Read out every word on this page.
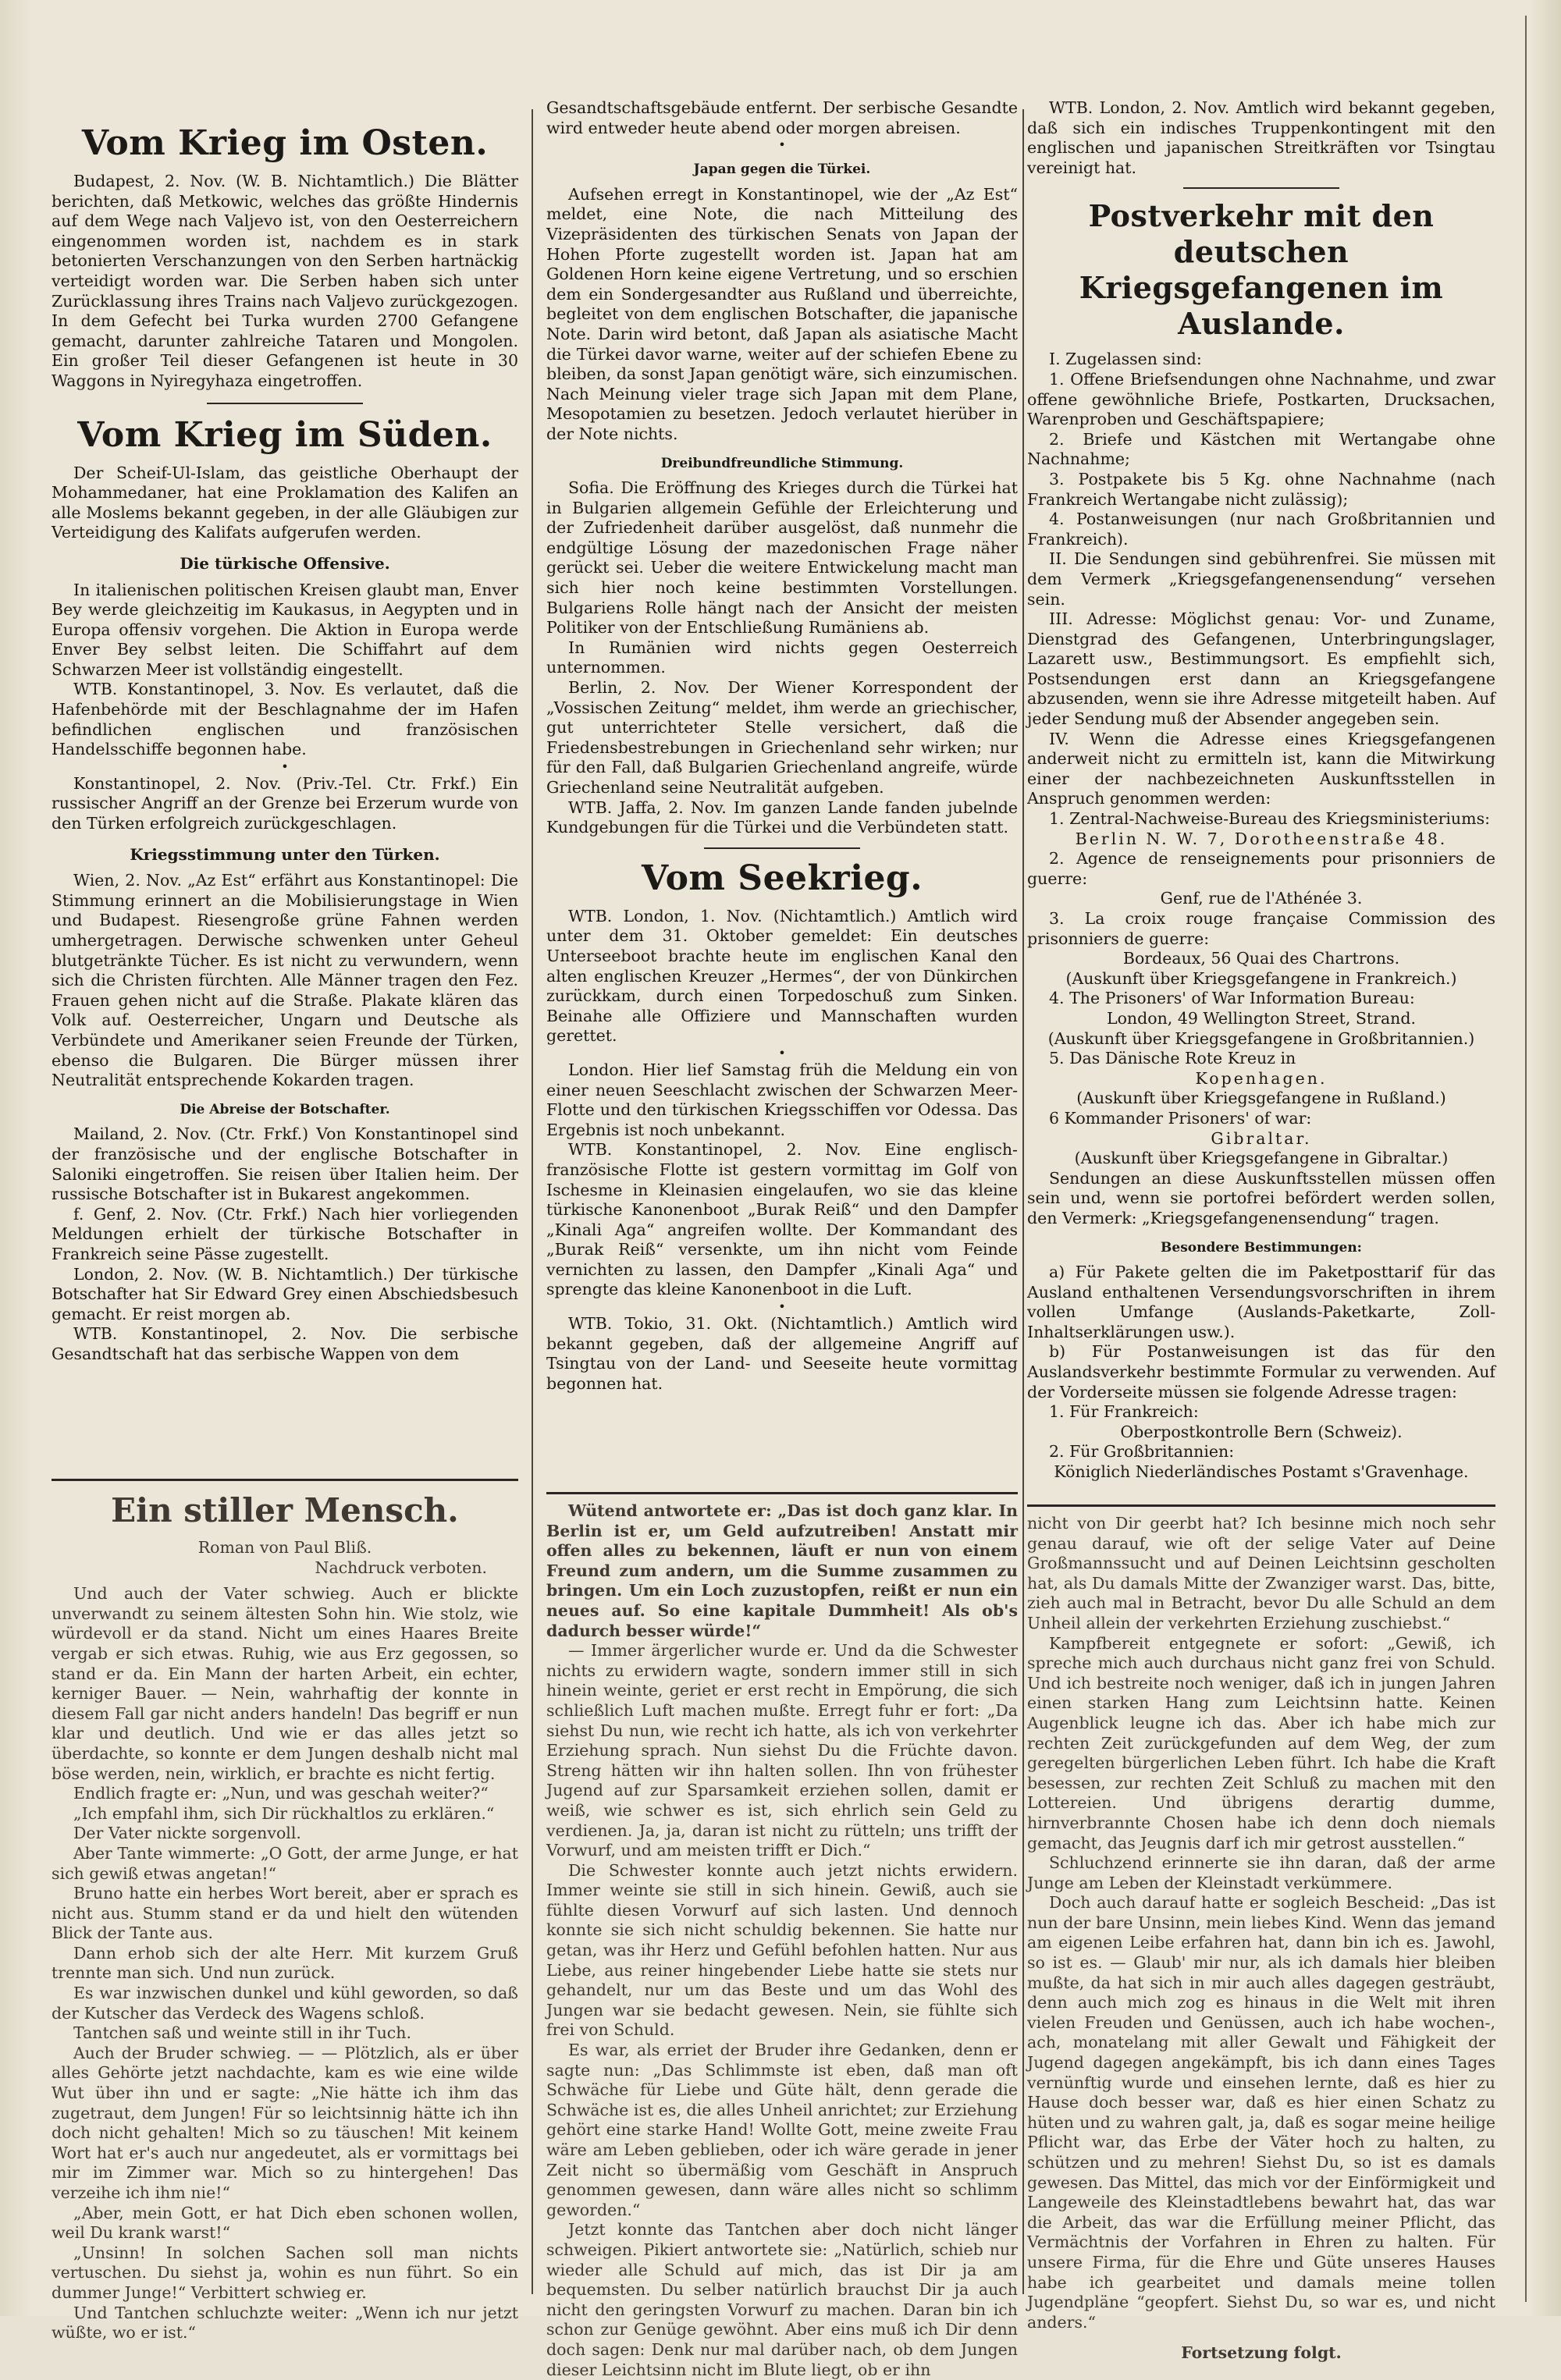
Vom Krieg im Osten.

Budapest, 2. Nov. (W. B. Nichtamtlich.) Die Blätter berichten, daß Metkowic, welches das größte Hindernis auf dem Wege nach Valjevo ist, von den Oesterreichern eingenommen worden ist, nachdem es in stark betonierten Verschanzungen von den Serben hartnäckig verteidigt worden war. Die Serben haben sich unter Zurücklassung ihres Trains nach Valjevo zurückgezogen. In dem Gefecht bei Turka wurden 2700 Gefangene gemacht, darunter zahlreiche Tataren und Mongolen. Ein großer Teil dieser Gefangenen ist heute in 30 Waggons in Nyiregyhaza eingetroffen.

Vom Krieg im Süden.

Der Scheif-Ul-Islam, das geistliche Oberhaupt der Mohammedaner, hat eine Proklamation des Kalifen an alle Moslems bekannt gegeben, in der alle Gläubigen zur Verteidigung des Kalifats aufgerufen werden.

Die türkische Offensive.

In italienischen politischen Kreisen glaubt man, Enver Bey werde gleichzeitig im Kaukasus, in Aegypten und in Europa offensiv vorgehen. Die Aktion in Europa werde Enver Bey selbst leiten. Die Schiffahrt auf dem Schwarzen Meer ist vollständig eingestellt.

WTB. Konstantinopel, 3. Nov. Es verlautet, daß die Hafenbehörde mit der Beschlagnahme der im Hafen befindlichen englischen und französischen Handelsschiffe begonnen habe.

•

Konstantinopel, 2. Nov. (Priv.-Tel. Ctr. Frkf.) Ein russischer Angriff an der Grenze bei Erzerum wurde von den Türken erfolgreich zurückgeschlagen.

Kriegsstimmung unter den Türken.

Wien, 2. Nov. „Az Est“ erfährt aus Konstantinopel: Die Stimmung erinnert an die Mobilisierungstage in Wien und Budapest. Riesengroße grüne Fahnen werden umhergetragen. Derwische schwenken unter Geheul blutgetränkte Tücher. Es ist nicht zu verwundern, wenn sich die Christen fürchten. Alle Männer tragen den Fez. Frauen gehen nicht auf die Straße. Plakate klären das Volk auf. Oesterreicher, Ungarn und Deutsche als Verbündete und Amerikaner seien Freunde der Türken, ebenso die Bulgaren. Die Bürger müssen ihrer Neutralität entsprechende Kokarden tragen.

Die Abreise der Botschafter.

Mailand, 2. Nov. (Ctr. Frkf.) Von Konstantinopel sind der französische und der englische Botschafter in Saloniki eingetroffen. Sie reisen über Italien heim. Der russische Botschafter ist in Bukarest angekommen.

f. Genf, 2. Nov. (Ctr. Frkf.) Nach hier vorliegenden Meldungen erhielt der türkische Botschafter in Frankreich seine Pässe zugestellt.

London, 2. Nov. (W. B. Nichtamtlich.) Der türkische Botschafter hat Sir Edward Grey einen Abschiedsbesuch gemacht. Er reist morgen ab.

WTB. Konstantinopel, 2. Nov. Die serbische Gesandtschaft hat das serbische Wappen von dem

Gesandtschaftsgebäude entfernt. Der serbische Gesandte wird entweder heute abend oder morgen abreisen.

•
Japan gegen die Türkei.

Aufsehen erregt in Konstantinopel, wie der „Az Est“ meldet, eine Note, die nach Mitteilung des Vizepräsidenten des türkischen Senats von Japan der Hohen Pforte zugestellt worden ist. Japan hat am Goldenen Horn keine eigene Vertretung, und so erschien dem ein Sondergesandter aus Rußland und überreichte, begleitet von dem englischen Botschafter, die japanische Note. Darin wird betont, daß Japan als asiatische Macht die Türkei davor warne, weiter auf der schiefen Ebene zu bleiben, da sonst Japan genötigt wäre, sich einzumischen. Nach Meinung vieler trage sich Japan mit dem Plane, Mesopotamien zu besetzen. Jedoch verlautet hierüber in der Note nichts.

Dreibundfreundliche Stimmung.

Sofia. Die Eröffnung des Krieges durch die Türkei hat in Bulgarien allgemein Gefühle der Erleichterung und der Zufriedenheit darüber ausgelöst, daß nunmehr die endgültige Lösung der mazedonischen Frage näher gerückt sei. Ueber die weitere Entwickelung macht man sich hier noch keine bestimmten Vorstellungen. Bulgariens Rolle hängt nach der Ansicht der meisten Politiker von der Entschließung Rumäniens ab.

In Rumänien wird nichts gegen Oesterreich unternommen.

Berlin, 2. Nov. Der Wiener Korrespondent der „Vossischen Zeitung“ meldet, ihm werde an griechischer, gut unterrichteter Stelle versichert, daß die Friedensbestrebungen in Griechenland sehr wirken; nur für den Fall, daß Bulgarien Griechenland angreife, würde Griechenland seine Neutralität aufgeben.

WTB. Jaffa, 2. Nov. Im ganzen Lande fanden jubelnde Kundgebungen für die Türkei und die Verbündeten statt.

Vom Seekrieg.

WTB. London, 1. Nov. (Nichtamtlich.) Amtlich wird unter dem 31. Oktober gemeldet: Ein deutsches Unterseeboot brachte heute im englischen Kanal den alten englischen Kreuzer „Hermes“, der von Dünkirchen zurückkam, durch einen Torpedoschuß zum Sinken. Beinahe alle Offiziere und Mannschaften wurden gerettet.

•

London. Hier lief Samstag früh die Meldung ein von einer neuen Seeschlacht zwischen der Schwarzen Meer-Flotte und den türkischen Kriegsschiffen vor Odessa. Das Ergebnis ist noch unbekannt.

WTB. Konstantinopel, 2. Nov. Eine englisch-französische Flotte ist gestern vormittag im Golf von Ischesme in Kleinasien eingelaufen, wo sie das kleine türkische Kanonenboot „Burak Reiß“ und den Dampfer „Kinali Aga“ angreifen wollte. Der Kommandant des „Burak Reiß“ versenkte, um ihn nicht vom Feinde vernichten zu lassen, den Dampfer „Kinali Aga“ und sprengte das kleine Kanonenboot in die Luft.

•

WTB. Tokio, 31. Okt. (Nichtamtlich.) Amtlich wird bekannt gegeben, daß der allgemeine Angriff auf Tsingtau von der Land- und Seeseite heute vormittag begonnen hat.

WTB. London, 2. Nov. Amtlich wird bekannt gegeben, daß sich ein indisches Truppenkontingent mit den englischen und japanischen Streitkräften vor Tsingtau vereinigt hat.

Postverkehr mit den deutschen Kriegsgefangenen im Auslande.

I. Zugelassen sind:

1. Offene Briefsendungen ohne Nachnahme, und zwar offene gewöhnliche Briefe, Postkarten, Drucksachen, Warenproben und Geschäftspapiere;

2. Briefe und Kästchen mit Wertangabe ohne Nachnahme;

3. Postpakete bis 5 Kg. ohne Nachnahme (nach Frankreich Wertangabe nicht zulässig);

4. Postanweisungen (nur nach Großbritannien und Frankreich).

II. Die Sendungen sind gebührenfrei. Sie müssen mit dem Vermerk „Kriegsgefangenensendung“ versehen sein.

III. Adresse: Möglichst genau: Vor- und Zuname, Dienstgrad des Gefangenen, Unterbringungslager, Lazarett usw., Bestimmungsort. Es empfiehlt sich, Postsendungen erst dann an Kriegsgefangene abzusenden, wenn sie ihre Adresse mitgeteilt haben. Auf jeder Sendung muß der Absender angegeben sein.

IV. Wenn die Adresse eines Kriegsgefangenen anderweit nicht zu ermitteln ist, kann die Mitwirkung einer der nachbezeichneten Auskunftsstellen in Anspruch genommen werden:

1. Zentral-Nachweise-Bureau des Kriegsministeriums:

Berlin N. W. 7, Dorotheenstraße 48.

2. Agence de renseignements pour prisonniers de guerre:

Genf, rue de l'Athénée 3.

3. La croix rouge française Commission des prisonniers de guerre:

Bordeaux, 56 Quai des Chartrons.

(Auskunft über Kriegsgefangene in Frankreich.)

4. The Prisoners' of War Information Bureau:

London, 49 Wellington Street, Strand.

(Auskunft über Kriegsgefangene in Großbritannien.)

5. Das Dänische Rote Kreuz in

Kopenhagen.

(Auskunft über Kriegsgefangene in Rußland.)

6 Kommander Prisoners' of war:

Gibraltar.

(Auskunft über Kriegsgefangene in Gibraltar.)

Sendungen an diese Auskunftsstellen müssen offen sein und, wenn sie portofrei befördert werden sollen, den Vermerk: „Kriegsgefangenensendung“ tragen.

Besondere Bestimmungen:

a) Für Pakete gelten die im Paketposttarif für das Ausland enthaltenen Versendungsvorschriften in ihrem vollen Umfange (Auslands-Paketkarte, Zoll-Inhaltserklärungen usw.).

b) Für Postanweisungen ist das für den Auslandsverkehr bestimmte Formular zu verwenden. Auf der Vorderseite müssen sie folgende Adresse tragen:

1. Für Frankreich:

Oberpostkontrolle Bern (Schweiz).

2. Für Großbritannien:

Königlich Niederländisches Postamt s'Gravenhage.

Ein stiller Mensch.

Roman von Paul Bliß.

Nachdruck verboten.

Und auch der Vater schwieg. Auch er blickte unverwandt zu seinem ältesten Sohn hin. Wie stolz, wie würdevoll er da stand. Nicht um eines Haares Breite vergab er sich etwas. Ruhig, wie aus Erz gegossen, so stand er da. Ein Mann der harten Arbeit, ein echter, kerniger Bauer. — Nein, wahrhaftig der konnte in diesem Fall gar nicht anders handeln! Das begriff er nun klar und deutlich. Und wie er das alles jetzt so überdachte, so konnte er dem Jungen deshalb nicht mal böse werden, nein, wirklich, er brachte es nicht fertig.

Endlich fragte er: „Nun, und was geschah weiter?“

„Ich empfahl ihm, sich Dir rückhaltlos zu erklären.“

Der Vater nickte sorgenvoll.

Aber Tante wimmerte: „O Gott, der arme Junge, er hat sich gewiß etwas angetan!“

Bruno hatte ein herbes Wort bereit, aber er sprach es nicht aus. Stumm stand er da und hielt den wütenden Blick der Tante aus.

Dann erhob sich der alte Herr. Mit kurzem Gruß trennte man sich. Und nun zurück.

Es war inzwischen dunkel und kühl geworden, so daß der Kutscher das Verdeck des Wagens schloß.

Tantchen saß und weinte still in ihr Tuch.

Auch der Bruder schwieg. — — Plötzlich, als er über alles Gehörte jetzt nachdachte, kam es wie eine wilde Wut über ihn und er sagte: „Nie hätte ich ihm das zugetraut, dem Jungen! Für so leichtsinnig hätte ich ihn doch nicht gehalten! Mich so zu täuschen! Mit keinem Wort hat er's auch nur angedeutet, als er vormittags bei mir im Zimmer war. Mich so zu hintergehen! Das verzeihe ich ihm nie!“

„Aber, mein Gott, er hat Dich eben schonen wollen, weil Du krank warst!“

„Unsinn! In solchen Sachen soll man nichts vertuschen. Du siehst ja, wohin es nun führt. So ein dummer Junge!“ Verbittert schwieg er.

Und Tantchen schluchzte weiter: „Wenn ich nur jetzt wüßte, wo er ist.“

Wütend antwortete er: „Das ist doch ganz klar. In Berlin ist er, um Geld aufzutreiben! Anstatt mir offen alles zu bekennen, läuft er nun von einem Freund zum andern, um die Summe zusammen zu bringen. Um ein Loch zuzustopfen, reißt er nun ein neues auf. So eine kapitale Dummheit! Als ob's dadurch besser würde!“

— Immer ärgerlicher wurde er. Und da die Schwester nichts zu erwidern wagte, sondern immer still in sich hinein weinte, geriet er erst recht in Empörung, die sich schließlich Luft machen mußte. Erregt fuhr er fort: „Da siehst Du nun, wie recht ich hatte, als ich von verkehrter Erziehung sprach. Nun siehst Du die Früchte davon. Streng hätten wir ihn halten sollen. Ihn von frühester Jugend auf zur Sparsamkeit erziehen sollen, damit er weiß, wie schwer es ist, sich ehrlich sein Geld zu verdienen. Ja, ja, daran ist nicht zu rütteln; uns trifft der Vorwurf, und am meisten trifft er Dich.“

Die Schwester konnte auch jetzt nichts erwidern. Immer weinte sie still in sich hinein. Gewiß, auch sie fühlte diesen Vorwurf auf sich lasten. Und dennoch konnte sie sich nicht schuldig bekennen. Sie hatte nur getan, was ihr Herz und Gefühl befohlen hatten. Nur aus Liebe, aus reiner hingebender Liebe hatte sie stets nur gehandelt, nur um das Beste und um das Wohl des Jungen war sie bedacht gewesen. Nein, sie fühlte sich frei von Schuld.

Es war, als erriet der Bruder ihre Gedanken, denn er sagte nun: „Das Schlimmste ist eben, daß man oft Schwäche für Liebe und Güte hält, denn gerade die Schwäche ist es, die alles Unheil anrichtet; zur Erziehung gehört eine starke Hand! Wollte Gott, meine zweite Frau wäre am Leben geblieben, oder ich wäre gerade in jener Zeit nicht so übermäßig vom Geschäft in Anspruch genommen gewesen, dann wäre alles nicht so schlimm geworden.“

Jetzt konnte das Tantchen aber doch nicht länger schweigen. Pikiert antwortete sie: „Natürlich, schieb nur wieder alle Schuld auf mich, das ist Dir ja am bequemsten. Du selber natürlich brauchst Dir ja auch nicht den geringsten Vorwurf zu machen. Daran bin ich schon zur Genüge gewöhnt. Aber eins muß ich Dir denn doch sagen: Denk nur mal darüber nach, ob dem Jungen dieser Leichtsinn nicht im Blute liegt, ob er ihn

nicht von Dir geerbt hat? Ich besinne mich noch sehr genau darauf, wie oft der selige Vater auf Deine Großmannssucht und auf Deinen Leichtsinn gescholten hat, als Du damals Mitte der Zwanziger warst. Das, bitte, zieh auch mal in Betracht, bevor Du alle Schuld an dem Unheil allein der verkehrten Erziehung zuschiebst.“

Kampfbereit entgegnete er sofort: „Gewiß, ich spreche mich auch durchaus nicht ganz frei von Schuld. Und ich bestreite noch weniger, daß ich in jungen Jahren einen starken Hang zum Leichtsinn hatte. Keinen Augenblick leugne ich das. Aber ich habe mich zur rechten Zeit zurückgefunden auf dem Weg, der zum geregelten bürgerlichen Leben führt. Ich habe die Kraft besessen, zur rechten Zeit Schluß zu machen mit den Lottereien. Und übrigens derartig dumme, hirnverbrannte Chosen habe ich denn doch niemals gemacht, das Jeugnis darf ich mir getrost ausstellen.“

Schluchzend erinnerte sie ihn daran, daß der arme Junge am Leben der Kleinstadt verkümmere.

Doch auch darauf hatte er sogleich Bescheid: „Das ist nun der bare Unsinn, mein liebes Kind. Wenn das jemand am eigenen Leibe erfahren hat, dann bin ich es. Jawohl, so ist es. — Glaub' mir nur, als ich damals hier bleiben mußte, da hat sich in mir auch alles dagegen gesträubt, denn auch mich zog es hinaus in die Welt mit ihren vielen Freuden und Genüssen, auch ich habe wochen-, ach, monatelang mit aller Gewalt und Fähigkeit der Jugend dagegen angekämpft, bis ich dann eines Tages vernünftig wurde und einsehen lernte, daß es hier zu Hause doch besser war, daß es hier einen Schatz zu hüten und zu wahren galt, ja, daß es sogar meine heilige Pflicht war, das Erbe der Väter hoch zu halten, zu schützen und zu mehren! Siehst Du, so ist es damals gewesen. Das Mittel, das mich vor der Einförmigkeit und Langeweile des Kleinstadtlebens bewahrt hat, das war die Arbeit, das war die Erfüllung meiner Pflicht, das Vermächtnis der Vorfahren in Ehren zu halten. Für unsere Firma, für die Ehre und Güte unseres Hauses habe ich gearbeitet und damals meine tollen Jugendpläne “geopfert. Siehst Du, so war es, und nicht anders.“

Fortsetzung folgt.
